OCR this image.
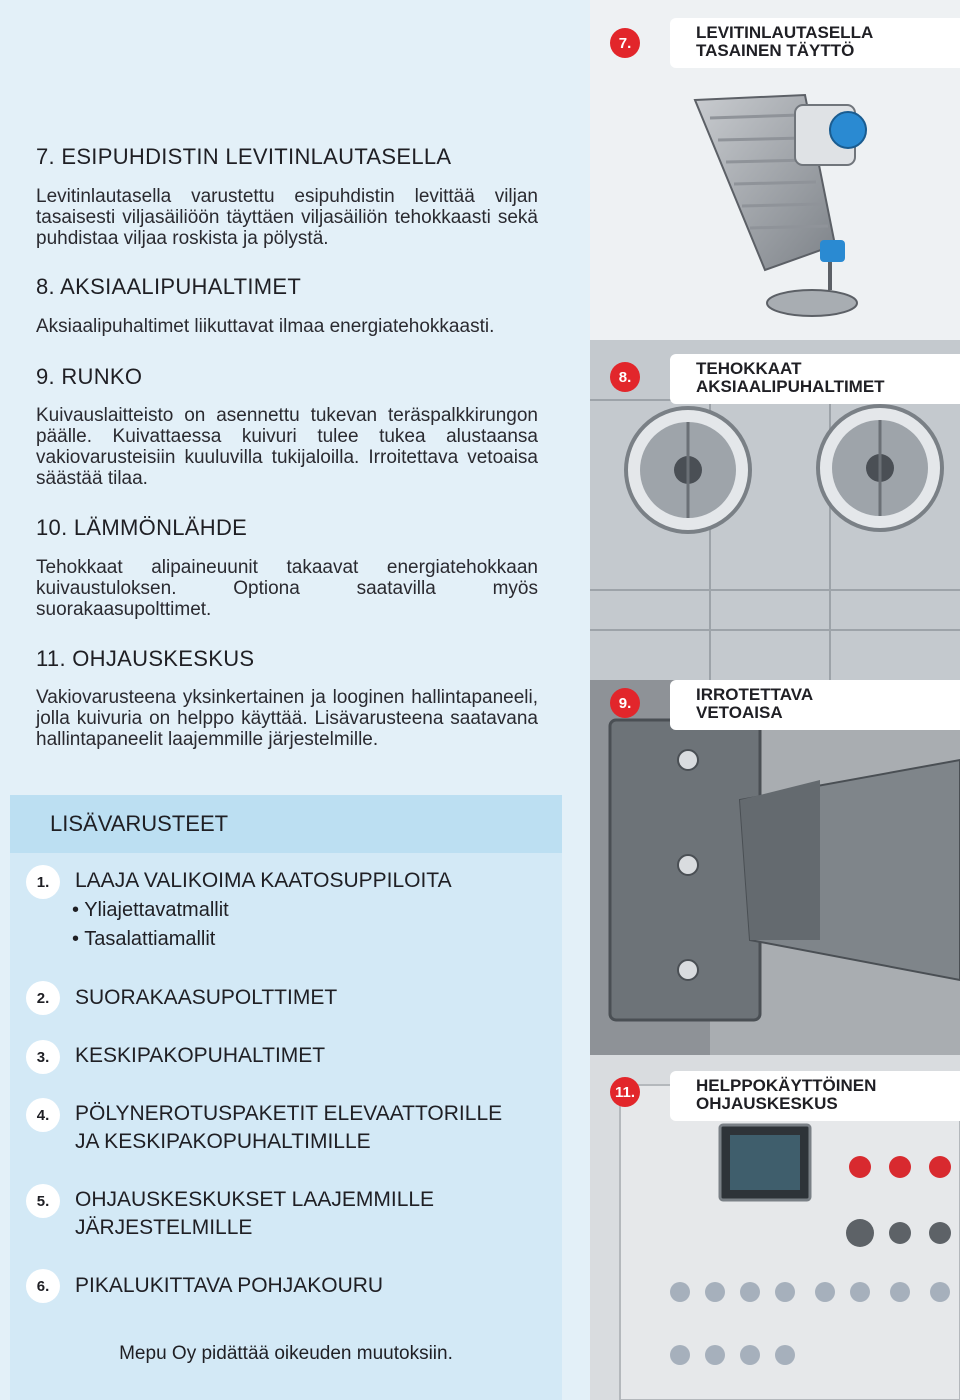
7. ESIPUHDISTIN LEVITINLAUTASELLA
Levitinlautasella varustettu esipuhdistin levittää viljan tasaisesti viljasäiliöön täyttäen viljasäiliön tehokkaasti sekä puhdistaa viljaa roskista ja pölystä.
8. AKSIAALIPUHALTIMET
Aksiaalipuhaltimet liikuttavat ilmaa energiatehokkaasti.
9. RUNKO
Kuivauslaitteisto on asennettu tukevan teräspalkkirungon päälle. Kuivattaessa kuivuri tulee tukea alustaansa vakiovarusteisiin kuuluvilla tukijaloilla. Irroitettava vetoaisa säästää tilaa.
10. LÄMMÖNLÄHDE
Tehokkaat alipaineuunit takaavat energiatehokkaan kuivaustuloksen. Optiona saatavilla myös suorakaasupolttimet.
11. OHJAUSKESKUS
Vakiovarusteena yksinkertainen ja looginen hallintapaneeli, jolla kuivuria on helppo käyttää. Lisävarusteena saatavana hallintapaneelit laajemmille järjestelmille.
LISÄVARUSTEET
1.	LAAJA VALIKOIMA KAATOSUPPILOITA
• Yliajettavatmallit
• Tasalattiamallit
2.	SUORAKAASUPOLTTIMET
3.	KESKIPAKOPUHALTIMET
4.	PÖLYNEROTUSPAKETIT ELEVAATTORILLE JA KESKIPAKOPUHALTIMILLE
5.	OHJAUSKESKUKSET LAAJEMMILLE JÄRJESTELMILLE
6.	PIKALUKITTAVA POHJAKOURU
Mepu Oy pidättää oikeuden muutoksiin.
7.
LEVITINLAUTASELLA
TASAINEN TÄYTTÖ
8.	TEHOKKAAT
AKSIAALIPUHALTIMET
9.	IRROTETTAVA
VETOAISA
11.	HELPPOKÄYTTÖINEN
OHJAUSKESKUS
